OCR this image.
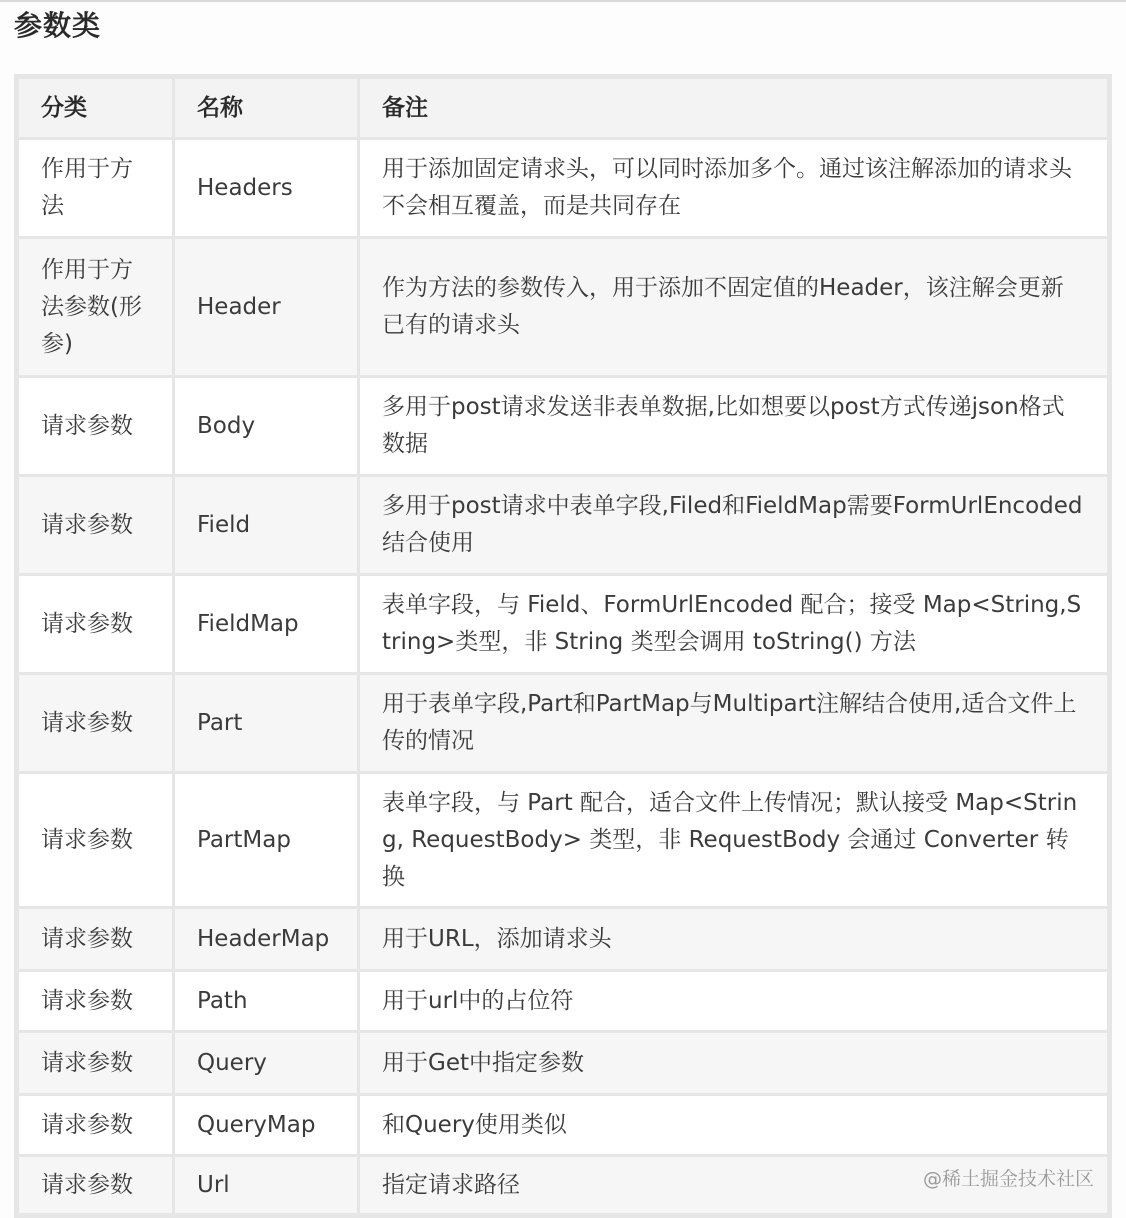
参数类
分类	名称	备注
作用于方法	Headers	用于添加固定请求头，可以同时添加多个。通过该注解添加的请求头不会相互覆盖，而是共同存在
作用于方法参数(形参)	Header	作为方法的参数传入，用于添加不固定值的Header，该注解会更新已有的请求头
请求参数	Body	多用于post请求发送非表单数据,比如想要以post方式传递json格式数据
请求参数	Field	多用于post请求中表单字段,Filed和FieldMap需要FormUrlEncoded结合使用
请求参数	FieldMap	表单字段，与 Field、FormUrlEncoded 配合；接受 Map<String,String>类型，非 String 类型会调用 toString() 方法
请求参数	Part	用于表单字段,Part和PartMap与Multipart注解结合使用,适合文件上传的情况
请求参数	PartMap	表单字段，与 Part 配合，适合文件上传情况；默认接受 Map<String, RequestBody> 类型，非 RequestBody 会通过 Converter 转换
请求参数	HeaderMap	用于URL，添加请求头
请求参数	Path	用于url中的占位符
请求参数	Query	用于Get中指定参数
请求参数	QueryMap	和Query使用类似
请求参数	Url	指定请求路径	@稀土掘金技术社区
